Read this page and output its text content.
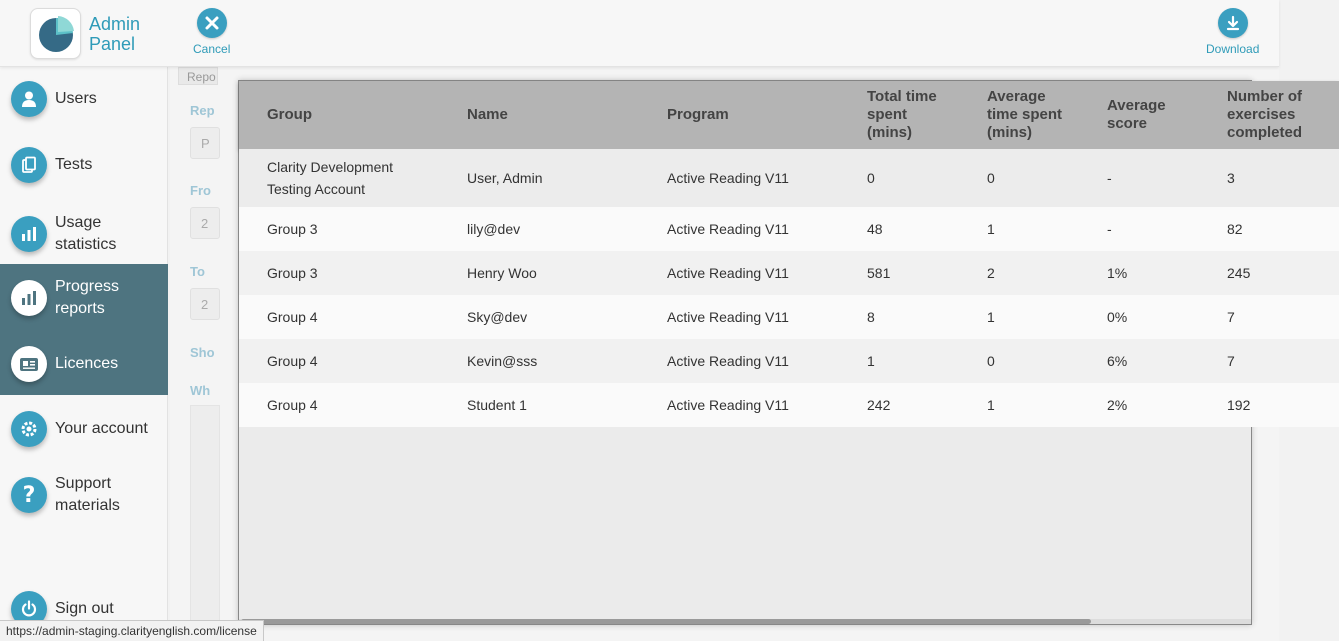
Admin Panel	Cancel	Download
Users
Tests
Usage statistics
Progress reports
Licences
Your account
? Support materials
Sign out
Repo
Rep
P
Fro
2
To
2
Sho
Wh
Group	Name	Program	Total time spent (mins)	Average time spent (mins)	Average score	Number of exercises completed
Clarity Development Testing Account	User, Admin	Active Reading V11	0	0	-	3
Group 3	lily@dev	Active Reading V11	48	1	-	82
Group 3	Henry Woo	Active Reading V11	581	2	1%	245
Group 4	Sky@dev	Active Reading V11	8	1	0%	7
Group 4	Kevin@sss	Active Reading V11	1	0	6%	7
Group 4	Student 1	Active Reading V11	242	1	2%	192
https://admin-staging.clarityenglish.com/license
